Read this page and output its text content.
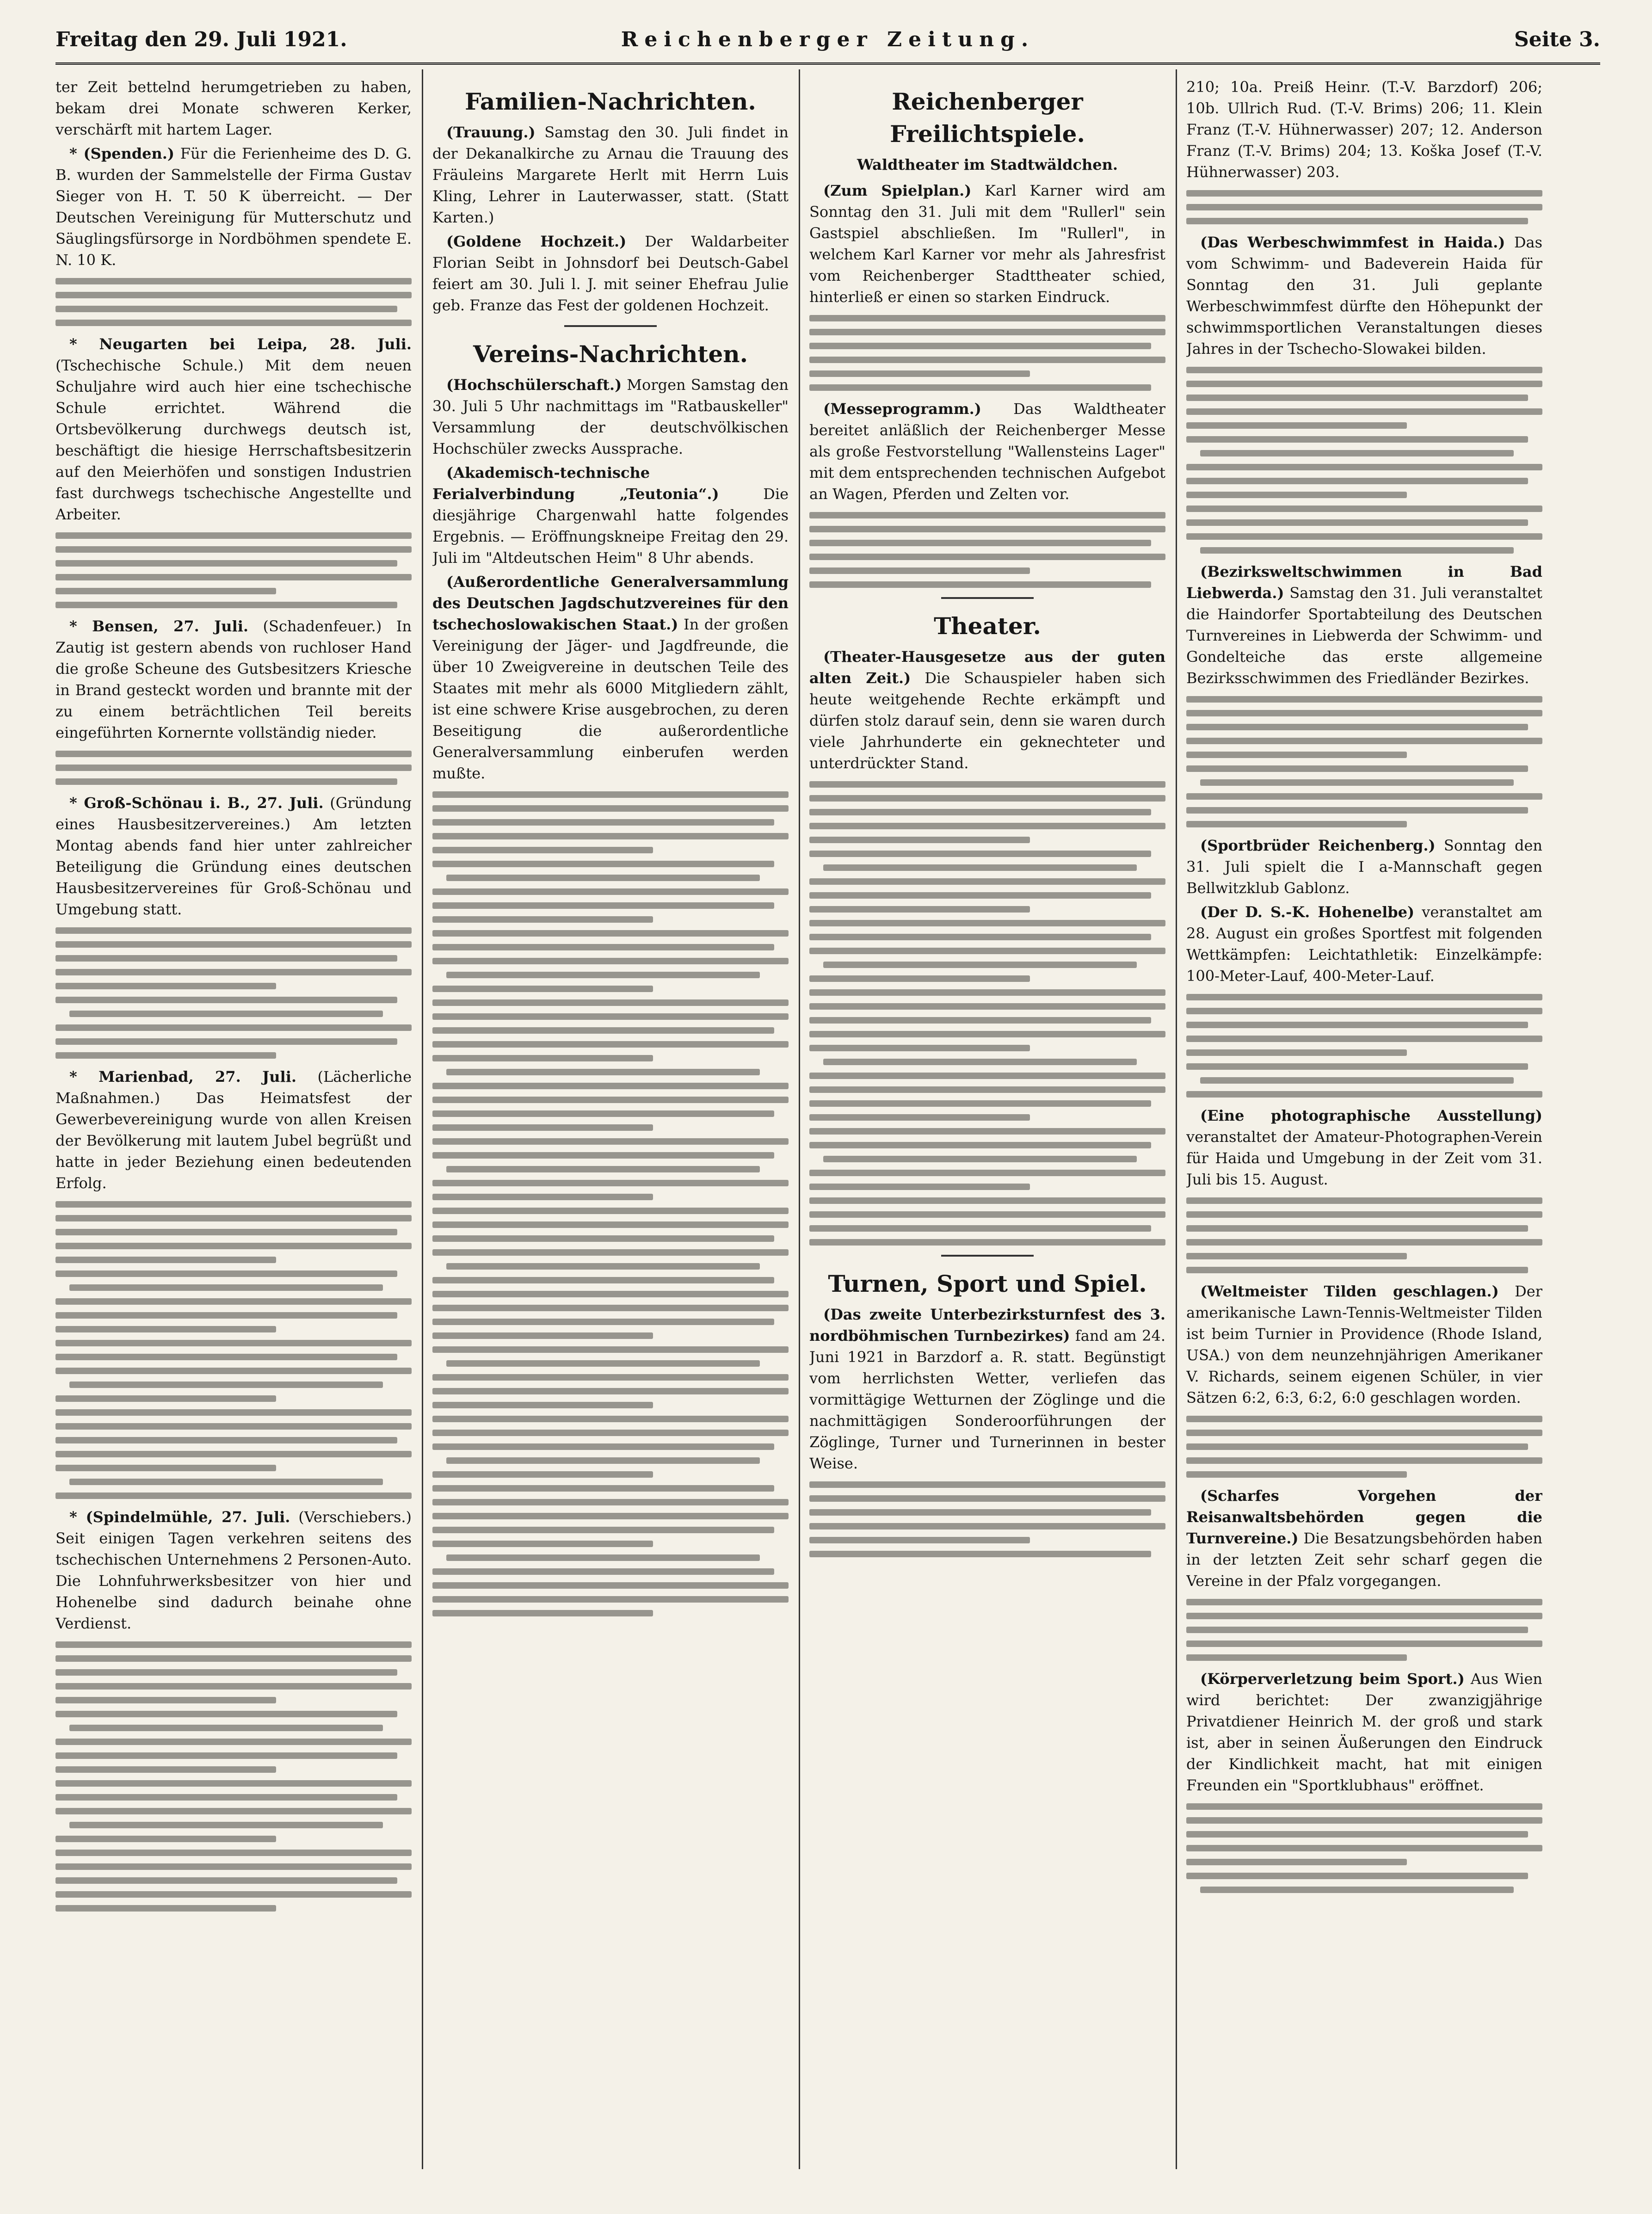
Freitag den 29. Juli 1921.	Reichenberger Zeitung.	Seite 3.

ter Zeit bettelnd herumgetrieben zu haben, bekam drei Monate schweren Kerker, verschärft mit hartem Lager.

* (Spenden.) Für die Ferienheime des D. G. B. wurden der Sammelstelle der Firma Gustav Sieger von H. T. 50 K überreicht. — Der Deutschen Vereinigung für Mutterschutz und Säuglingsfürsorge in Nordböhmen spendete E. N. 10 K.

* Neugarten bei Leipa, 28. Juli. (Tschechische Schule.) Mit dem neuen Schuljahre wird auch hier eine tschechische Schule errichtet. Während die Ortsbevölkerung durchwegs deutsch ist, beschäftigt die hiesige Herrschaftsbesitzerin auf den Meierhöfen und sonstigen Industrien fast durchwegs tschechische Angestellte und Arbeiter.

* Bensen, 27. Juli. (Schadenfeuer.) In Zautig ist gestern abends von ruchloser Hand die große Scheune des Gutsbesitzers Kriesche in Brand gesteckt worden und brannte mit der zu einem beträchtlichen Teil bereits eingeführten Kornernte vollständig nieder.

* Groß-Schönau i. B., 27. Juli. (Gründung eines Hausbesitzervereines.) Am letzten Montag abends fand hier unter zahlreicher Beteiligung die Gründung eines deutschen Hausbesitzervereines für Groß-Schönau und Umgebung statt.

* Marienbad, 27. Juli. (Lächerliche Maßnahmen.) Das Heimatsfest der Gewerbevereinigung wurde von allen Kreisen der Bevölkerung mit lautem Jubel begrüßt und hatte in jeder Beziehung einen bedeutenden Erfolg.

* (Spindelmühle, 27. Juli. (Verschiebers.) Seit einigen Tagen verkehren seitens des tschechischen Unternehmens 2 Personen-Auto. Die Lohnfuhrwerksbesitzer von hier und Hohenelbe sind dadurch beinahe ohne Verdienst.

Familien-Nachrichten.

(Trauung.) Samstag den 30. Juli findet in der Dekanalkirche zu Arnau die Trauung des Fräuleins Margarete Herlt mit Herrn Luis Kling, Lehrer in Lauterwasser, statt. (Statt Karten.)

(Goldene Hochzeit.) Der Waldarbeiter Florian Seibt in Johnsdorf bei Deutsch-Gabel feiert am 30. Juli l. J. mit seiner Ehefrau Julie geb. Franze das Fest der goldenen Hochzeit.

Vereins-Nachrichten.

(Hochschülerschaft.) Morgen Samstag den 30. Juli 5 Uhr nachmittags im "Ratbauskeller" Versammlung der deutschvölkischen Hochschüler zwecks Aussprache.

(Akademisch-technische Ferialverbindung „Teutonia“.)	Die diesjährige Chargenwahl hatte folgendes Ergebnis. — Eröffnungskneipe Freitag den 29. Juli im "Altdeutschen Heim" 8 Uhr abends.

(Außerordentliche Generalversammlung des Deutschen Jagdschutzvereines für den tschechoslowakischen Staat.) In der großen Vereinigung der Jäger- und Jagdfreunde, die über 10 Zweigvereine in deutschen Teile des Staates mit mehr als 6000 Mitgliedern zählt, ist eine schwere Krise ausgebrochen, zu deren Beseitigung die außerordentliche Generalversammlung einberufen werden mußte.

Reichenberger Freilichtspiele.
Waldtheater im Stadtwäldchen.

(Zum Spielplan.) Karl Karner wird am Sonntag den 31. Juli mit dem "Rullerl" sein Gastspiel abschließen. Im "Rullerl", in welchem Karl Karner vor mehr als Jahresfrist vom Reichenberger Stadttheater schied, hinterließ er einen so starken Eindruck.

(Messeprogramm.) Das Waldtheater bereitet anläßlich der Reichenberger Messe als große Festvorstellung "Wallensteins Lager" mit dem entsprechenden technischen Aufgebot an Wagen, Pferden und Zelten vor.

Theater.

(Theater-Hausgesetze aus der guten alten Zeit.) Die Schauspieler haben sich heute weitgehende Rechte erkämpft und dürfen stolz darauf sein, denn sie waren durch viele Jahrhunderte ein geknechteter und unterdrückter Stand.

Turnen, Sport und Spiel.

(Das zweite Unterbezirksturnfest des 3. nordböhmischen Turnbezirkes) fand am 24. Juni 1921 in Barzdorf a. R. statt. Begünstigt vom herrlichsten Wetter, verliefen das vormittägige Wetturnen der Zöglinge und die nachmittägigen Sonderoorführungen der Zöglinge, Turner und Turnerinnen in bester Weise.

210; 10a. Preiß Heinr. (T.-V. Barzdorf) 206; 10b. Ullrich Rud. (T.-V. Brims) 206; 11. Klein Franz (T.-V. Hühnerwasser) 207; 12. Anderson Franz (T.-V. Brims) 204; 13. Koška Josef (T.-V. Hühnerwasser) 203.

(Das Werbeschwimmfest in Haida.) Das vom Schwimm- und Badeverein Haida für Sonntag den 31. Juli geplante Werbeschwimmfest dürfte den Höhepunkt der schwimmsportlichen Veranstaltungen dieses Jahres in der Tschecho-Slowakei bilden.

(Bezirksweltschwimmen in Bad Liebwerda.) Samstag den 31. Juli veranstaltet die Haindorfer Sportabteilung des Deutschen Turnvereines in Liebwerda der Schwimm- und Gondelteiche das erste allgemeine Bezirksschwimmen des Friedländer Bezirkes.

(Sportbrüder Reichenberg.) Sonntag den 31. Juli spielt die I a-Mannschaft gegen Bellwitzklub Gablonz.

(Der D. S.-K. Hohenelbe) veranstaltet am 28. August ein großes Sportfest mit folgenden Wettkämpfen: Leichtathletik: Einzelkämpfe: 100-Meter-Lauf, 400-Meter-Lauf.

(Eine photographische Ausstellung) veranstaltet der Amateur-Photographen-Verein für Haida und Umgebung in der Zeit vom 31. Juli bis 15. August.

(Weltmeister Tilden geschlagen.) Der amerikanische Lawn-Tennis-Weltmeister Tilden ist beim Turnier in Providence (Rhode Island, USA.) von dem neunzehnjährigen Amerikaner V. Richards, seinem eigenen Schüler, in vier Sätzen 6:2, 6:3, 6:2, 6:0 geschlagen worden.

(Scharfes Vorgehen der Reisanwaltsbehörden gegen die Turnvereine.) Die Besatzungsbehörden haben in der letzten Zeit sehr scharf gegen die Vereine in der Pfalz vorgegangen.

(Körperverletzung beim Sport.) Aus Wien wird berichtet: Der zwanzigjährige Privatdiener Heinrich M. der groß und stark ist, aber in seinen Äußerungen den Eindruck der Kindlichkeit macht, hat mit einigen Freunden ein "Sportklubhaus" eröffnet.
